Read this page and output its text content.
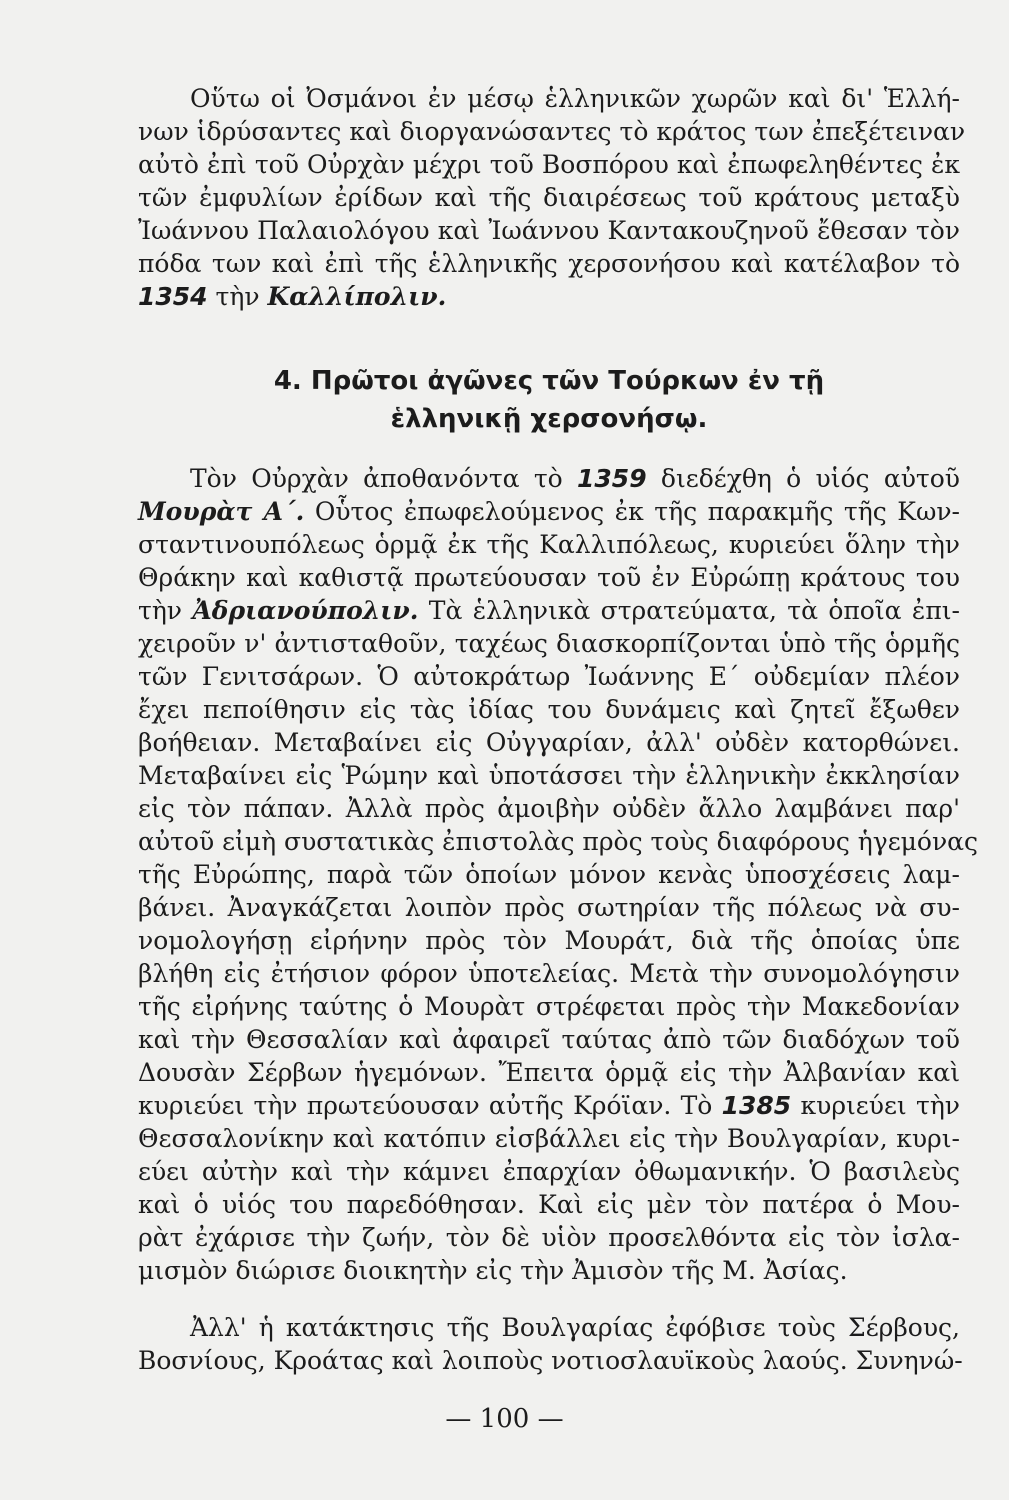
Οὕτω οἱ Ὀσμάνοι ἐν μέσῳ ἑλληνικῶν χωρῶν καὶ δι' Ἑλλή-
νων ἱδρύσαντες καὶ διοργανώσαντες τὸ κράτος των ἐπεξέτειναν
αὐτὸ ἐπὶ τοῦ Οὐρχὰν μέχρι τοῦ Βοσπόρου καὶ ἐπωφεληθέντες ἐκ
τῶν ἐμφυλίων ἐρίδων καὶ τῆς διαιρέσεως τοῦ κράτους μεταξὺ
Ἰωάννου Παλαιολόγου καὶ Ἰωάννου Καντακουζηνοῦ ἔθεσαν τὸν
πόδα των καὶ ἐπὶ τῆς ἑλληνικῆς χερσονήσου καὶ κατέλαβον τὸ
1354 τὴν Καλλίπολιν.
4. Πρῶτοι ἀγῶνες τῶν Τούρκων ἐν τῇ
ἑλληνικῇ χερσονήσῳ.
Τὸν Οὐρχὰν ἀποθανόντα τὸ 1359 διεδέχθη ὁ υἱός αὐτοῦ
Μουρὰτ Α΄. Οὗτος ἐπωφελούμενος ἐκ τῆς παρακμῆς τῆς Κων-
σταντινουπόλεως ὁρμᾷ ἐκ τῆς Καλλιπόλεως, κυριεύει ὅλην τὴν
Θράκην καὶ καθιστᾷ πρωτεύουσαν τοῦ ἐν Εὐρώπῃ κράτους του
τὴν Ἀδριανούπολιν. Τὰ ἑλληνικὰ στρατεύματα, τὰ ὁποῖα ἐπι-
χειροῦν ν' ἀντισταθοῦν, ταχέως διασκορπίζονται ὑπὸ τῆς ὁρμῆς
τῶν Γενιτσάρων. Ὁ αὐτοκράτωρ Ἰωάννης Ε΄ οὐδεμίαν πλέον
ἔχει πεποίθησιν εἰς τὰς ἰδίας του δυνάμεις καὶ ζητεῖ ἔξωθεν
βοήθειαν. Μεταβαίνει εἰς Οὐγγαρίαν, ἀλλ' οὐδὲν κατορθώνει.
Μεταβαίνει εἰς Ῥώμην καὶ ὑποτάσσει τὴν ἑλληνικὴν ἐκκλησίαν
εἰς τὸν πάπαν. Ἀλλὰ πρὸς ἀμοιβὴν οὐδὲν ἄλλο λαμβάνει παρ'
αὐτοῦ εἰμὴ συστατικὰς ἐπιστολὰς πρὸς τοὺς διαφόρους ἡγεμόνας
τῆς Εὐρώπης, παρὰ τῶν ὁποίων μόνον κενὰς ὑποσχέσεις λαμ-
βάνει. Ἀναγκάζεται λοιπὸν πρὸς σωτηρίαν τῆς πόλεως νὰ συ-
νομολογήσῃ εἰρήνην πρὸς τὸν Μουράτ, διὰ τῆς ὁποίας ὑπε
βλήθη εἰς ἐτήσιον φόρον ὑποτελείας. Μετὰ τὴν συνομολόγησιν
τῆς εἰρήνης ταύτης ὁ Μουρὰτ στρέφεται πρὸς τὴν Μακεδονίαν
καὶ τὴν Θεσσαλίαν καὶ ἀφαιρεῖ ταύτας ἀπὸ τῶν διαδόχων τοῦ
Δουσὰν Σέρβων ἡγεμόνων. Ἔπειτα ὁρμᾷ εἰς τὴν Ἀλβανίαν καὶ
κυριεύει τὴν πρωτεύουσαν αὐτῆς Κρόϊαν. Τὸ 1385 κυριεύει τὴν
Θεσσαλονίκην καὶ κατόπιν εἰσβάλλει εἰς τὴν Βουλγαρίαν, κυρι-
εύει αὐτὴν καὶ τὴν κάμνει ἐπαρχίαν ὀθωμανικήν. Ὁ βασιλεὺς
καὶ ὁ υἱός του παρεδόθησαν. Καὶ εἰς μὲν τὸν πατέρα ὁ Μου-
ρὰτ ἐχάρισε τὴν ζωήν, τὸν δὲ υἱὸν προσελθόντα εἰς τὸν ἰσλα-
μισμὸν διώρισε διοικητὴν εἰς τὴν Ἀμισὸν τῆς Μ. Ἀσίας.
Ἀλλ' ἡ κατάκτησις τῆς Βουλγαρίας ἐφόβισε τοὺς Σέρβους,
Βοσνίους, Κροάτας καὶ λοιποὺς νοτιοσλαυϊκοὺς λαούς. Συνηνώ-
— 100 —
